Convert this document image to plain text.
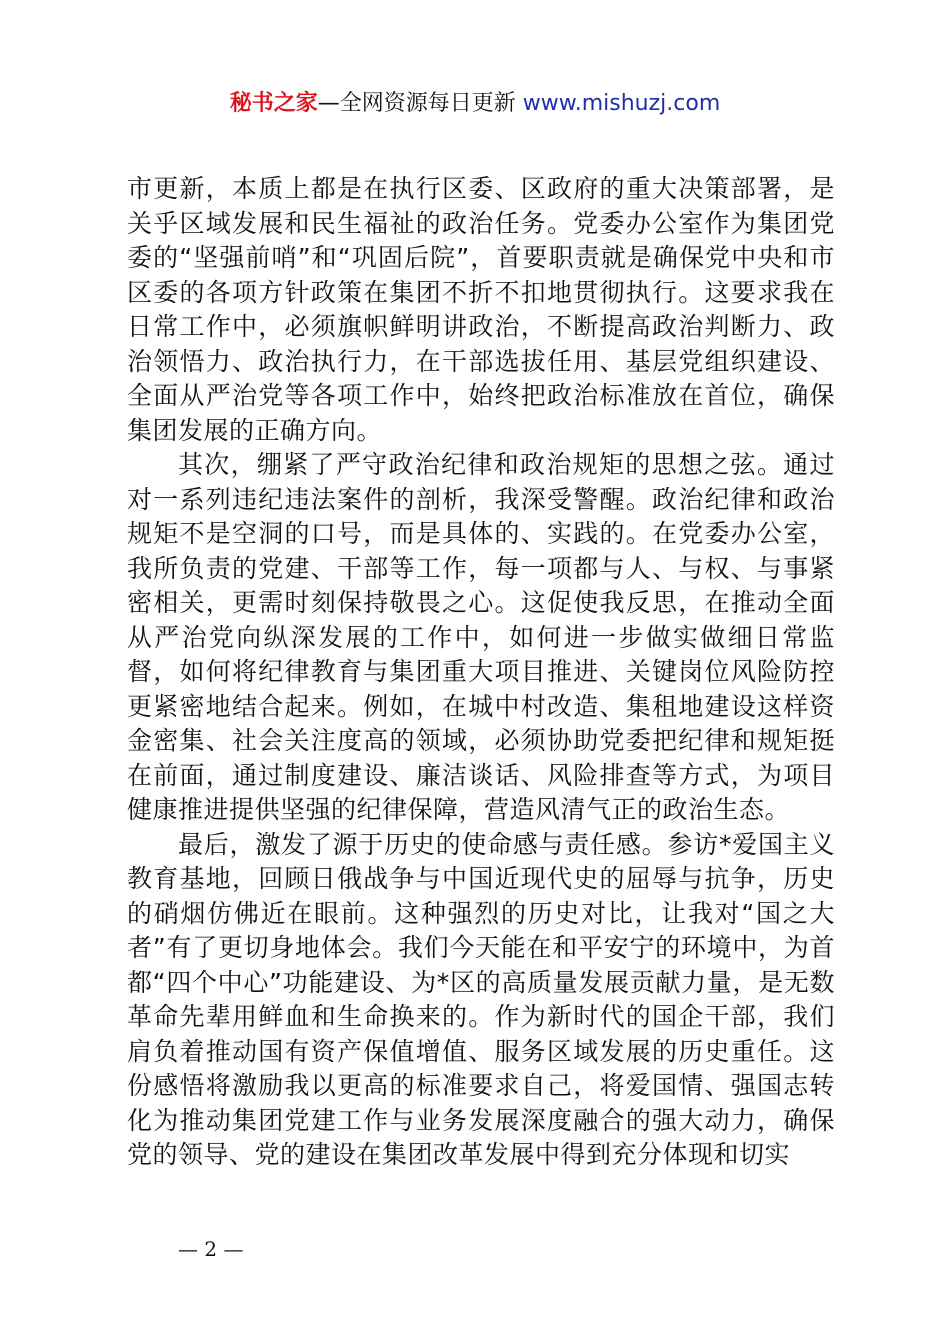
秘书之家—全网资源每日更新 www.mishuzj.com

市更新，本质上都是在执行区委、区政府的重大决策部署，是关乎区域发展和民生福祉的政治任务。党委办公室作为集团党委的“坚强前哨”和“巩固后院”，首要职责就是确保党中央和市区委的各项方针政策在集团不折不扣地贯彻执行。这要求我在日常工作中，必须旗帜鲜明讲政治，不断提高政治判断力、政治领悟力、政治执行力，在干部选拔任用、基层党组织建设、全面从严治党等各项工作中，始终把政治标准放在首位，确保集团发展的正确方向。

其次，绷紧了严守政治纪律和政治规矩的思想之弦。通过对一系列违纪违法案件的剖析，我深受警醒。政治纪律和政治规矩不是空洞的口号，而是具体的、实践的。在党委办公室，我所负责的党建、干部等工作，每一项都与人、与权、与事紧密相关，更需时刻保持敬畏之心。这促使我反思，在推动全面从严治党向纵深发展的工作中，如何进一步做实做细日常监督，如何将纪律教育与集团重大项目推进、关键岗位风险防控更紧密地结合起来。例如，在城中村改造、集租地建设这样资金密集、社会关注度高的领域，必须协助党委把纪律和规矩挺在前面，通过制度建设、廉洁谈话、风险排查等方式，为项目健康推进提供坚强的纪律保障，营造风清气正的政治生态。

最后，激发了源于历史的使命感与责任感。参访*爱国主义教育基地，回顾日俄战争与中国近现代史的屈辱与抗争，历史的硝烟仿佛近在眼前。这种强烈的历史对比，让我对“国之大者”有了更切身地体会。我们今天能在和平安宁的环境中，为首都“四个中心”功能建设、为*区的高质量发展贡献力量，是无数革命先辈用鲜血和生命换来的。作为新时代的国企干部，我们肩负着推动国有资产保值增值、服务区域发展的历史重任。这份感悟将激励我以更高的标准要求自己，将爱国情、强国志转化为推动集团党建工作与业务发展深度融合的强大动力，确保党的领导、党的建设在集团改革发展中得到充分体现和切实

— 2 —
